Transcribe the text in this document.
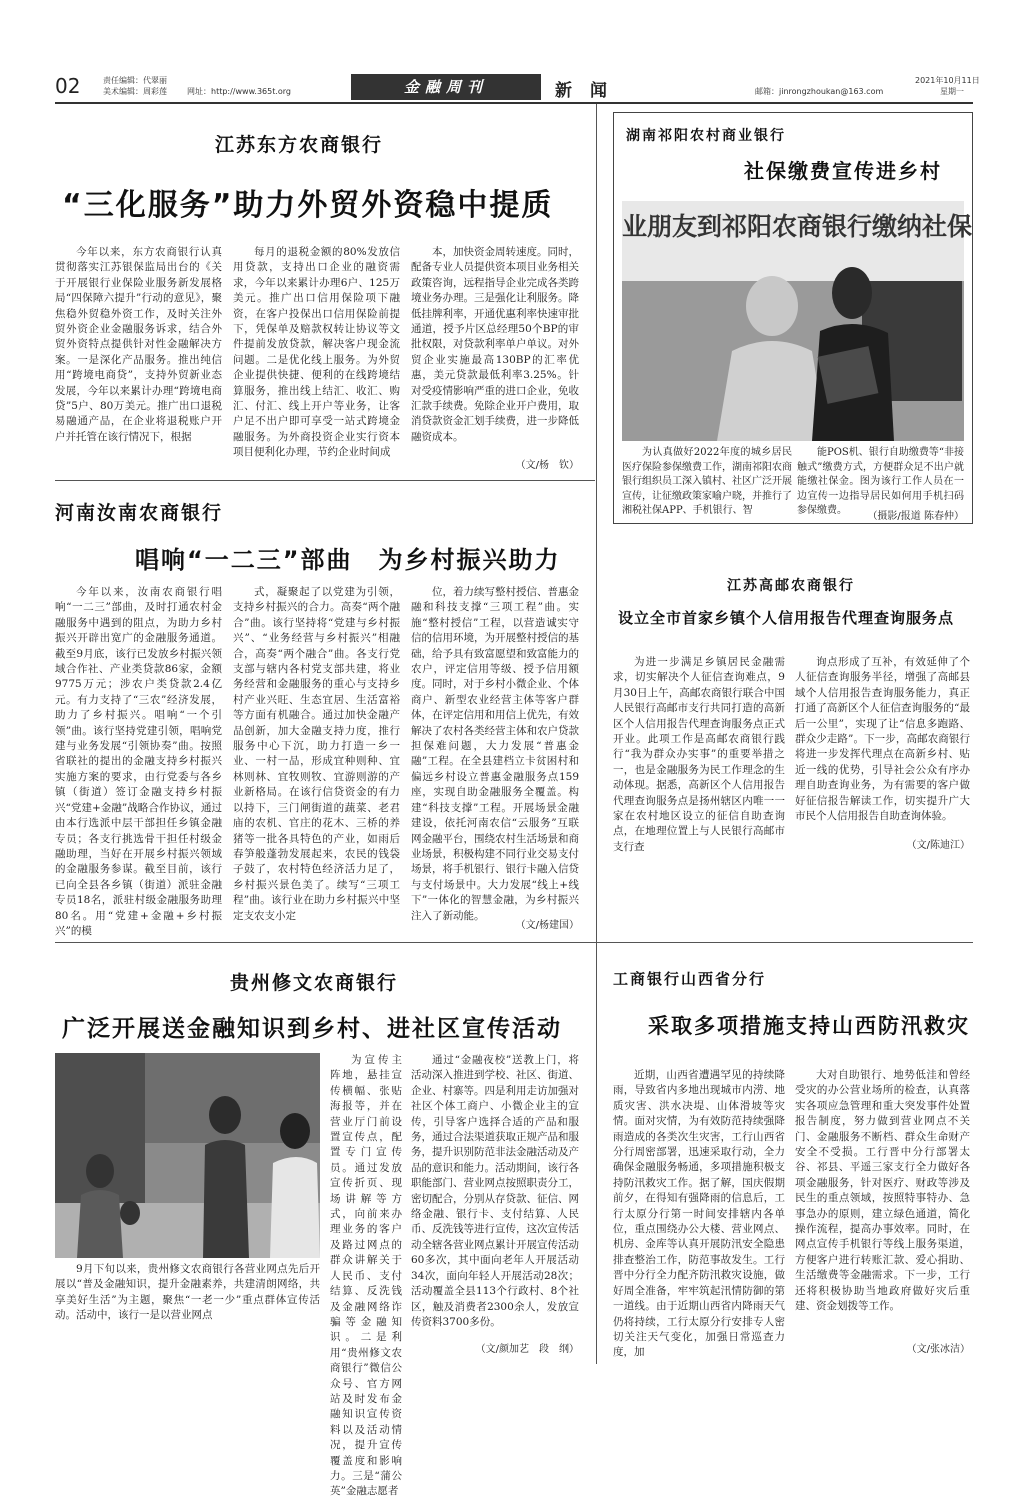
02	责任编辑：代翠丽
美术编辑：周彩莲	网址：http://www.365t.org	金融周刊	新闻	邮箱：jinrongzhoukan@163.com
2021年10月11日
星期一
江苏东方农商银行
“三化服务”助力外贸外资稳中提质

今年以来，东方农商银行认真贯彻落实江苏银保监局出台的《关于开展银行业保险业服务新发展格局“四保障六提升”行动的意见》，聚焦稳外贸稳外资工作，及时关注外贸外资企业金融服务诉求，结合外贸外资特点提供针对性金融解决方案。一是深化产品服务。推出纯信用“跨境电商贷”，支持外贸新业态发展，今年以来累计办理“跨境电商贷”5户、80万美元。推广出口退税易融通产品，在企业将退税账户开户并托管在该行情况下，根据

每月的退税金额的80%发放信用贷款，支持出口企业的融资需求，今年以来累计办理6户、125万美元。推广出口信用保险项下融资，在客户投保出口信用保险前提下，凭保单及赔款权转让协议等文件提前发放贷款，解决客户现金流问题。二是优化线上服务。为外贸企业提供快捷、便利的在线跨境结算服务，推出线上结汇、收汇、购汇、付汇、线上开户等业务，让客户足不出户即可享受一站式跨境金融服务。为外商投资企业实行资本项目便利化办理，节约企业时间成

本，加快资金周转速度。同时，配备专业人员提供资本项目业务相关政策咨询，远程指导企业完成各类跨境业务办理。三是强化让利服务。降低挂牌利率，开通优惠利率快速审批通道，授予片区总经理50个BP的审批权限，对贷款利率单户单议。对外贸企业实施最高130BP的汇率优惠，美元贷款最低利率3.25%。针对受疫情影响严重的进口企业，免收汇款手续费。免除企业开户费用，取消贷款资金汇划手续费，进一步降低融资成本。

（文/杨　钦）
湖南祁阳农村商业银行
社保缴费宣传进乡村
业朋友到祁阳农商银行缴纳社保

为认真做好2022年度的城乡居民医疗保险参保缴费工作，湖南祁阳农商银行组织员工深入镇村、社区广泛开展宣传，让征缴政策家喻户晓，并推行了湘税社保APP、手机银行、智

能POS机、银行自助缴费等“非接触式”缴费方式，方便群众足不出户就能缴社保金。图为该行工作人员在一边宣传一边指导居民如何用手机扫码参保缴费。

（摄影/报道 陈春仲）
河南汝南农商银行
唱响“一二三”部曲　为乡村振兴助力

今年以来，汝南农商银行唱响“一二三”部曲，及时打通农村金融服务中遇到的阻点，为助力乡村振兴开辟出宽广的金融服务通道。截至9月底，该行已发放乡村振兴领域合作社、产业类贷款86家，金额9775万元；涉农户类贷款2.4亿元。有力支持了“三农”经济发展，助力了乡村振兴。唱响“一个引领”曲。该行坚持党建引领，唱响党建与业务发展“引领协奏”曲。按照省联社的提出的金融支持乡村振兴实施方案的要求，由行党委与各乡镇（街道）签订金融支持乡村振兴“党建+金融”战略合作协议，通过由本行选派中层干部担任乡镇金融专员；各支行挑选骨干担任村级金融助理，当好在开展乡村振兴领域的金融服务参谋。截至目前，该行已向全县各乡镇（街道）派驻金融专员18名，派驻村级金融服务助理80名。用“党建+金融+乡村振兴”的模

式，凝聚起了以党建为引领，支持乡村振兴的合力。高奏“两个融合”曲。该行坚持将“党建与乡村振兴”、“业务经营与乡村振兴”相融合，高奏“两个融合”曲。各支行党支部与辖内各村党支部共建，将业务经营和金融服务的重心与支持乡村产业兴旺、生态宜居、生活富裕等方面有机融合。通过加快金融产品创新，加大金融支持力度，推行服务中心下沉，助力打造一乡一业、一村一品，形成宜种则种、宜林则林、宜牧则牧、宜游则游的产业新格局。在该行信贷资金的有力以持下，三门闸街道的蔬菜、老君庙的农机、官庄的花木、三桥的养猪等一批各具特色的产业，如雨后春笋般蓬勃发展起来，农民的钱袋子鼓了，农村特色经济活力足了，乡村振兴景色美了。续写“三项工程”曲。该行业在助力乡村振兴中坚定支农支小定

位，着力续写整村授信、普惠金融和科技支撑“三项工程”曲。实施“整村授信”工程，以营造诚实守信的信用环境，为开展整村授信的基础，给予具有致富愿望和致富能力的农户，评定信用等级、授予信用额度。同时，对于乡村小微企业、个体商户、新型农业经营主体等客户群体，在评定信用和用信上优先，有效解决了农村各类经营主体和农户贷款担保难问题，大力发展“普惠金融”工程。在全县建档立卡贫困村和偏远乡村设立普惠金融服务点159座，实现自助金融服务全覆盖。构建“科技支撑”工程。开展场景金融建设，依托河南农信“云服务”互联网金融平台，围绕农村生活场景和商业场景，积极构建不同行业交易支付场景，将手机银行、银行卡融入信贷与支付场景中。大力发展“线上+线下”一体化的智慧金融，为乡村振兴注入了新动能。

（文/杨建国）
江苏高邮农商银行
设立全市首家乡镇个人信用报告代理查询服务点

为进一步满足乡镇居民金融需求，切实解决个人征信查询难点，9月30日上午，高邮农商银行联合中国人民银行高邮市支行共同打造的高新区个人信用报告代理查询服务点正式开业。此项工作是高邮农商银行践行“我为群众办实事”的重要举措之一，也是金融服务为民工作理念的生动体现。据悉，高新区个人信用报告代理查询服务点是扬州辖区内唯一一家在农村地区设立的征信自助查询点，在地理位置上与人民银行高邮市支行查

询点形成了互补，有效延伸了个人征信查询服务半径，增强了高邮县域个人信用报告查询服务能力，真正打通了高新区个人征信查询服务的“最后一公里”，实现了让“信息多跑路、群众少走路”。下一步，高邮农商银行将进一步发挥代理点在高新乡村、贴近一线的优势，引导社会公众有序办理自助查询业务，为有需要的客户做好征信报告解读工作，切实提升广大市民个人信用报告自助查询体验。

（文/陈迪江）
贵州修文农商银行
广泛开展送金融知识到乡村、进社区宣传活动

9月下旬以来，贵州修文农商银行各营业网点先后开展以“普及金融知识，提升金融素养，共建清朗网络，共享美好生活”为主题，聚焦“一老一少”重点群体宣传活动。活动中，该行一是以营业网点

为宣传主阵地，悬挂宣传横幅、张贴海报等，并在营业厅门前设置宣传点，配置专门宣传员。通过发放宣传折页、现场讲解等方式，向前来办理业务的客户及路过网点的群众讲解关于人民币、支付结算、反洗钱及金融网络诈骗等金融知识。二是利用“贵州修文农商银行”微信公众号、官方网站及时发布金融知识宣传资料以及活动情况，提升宣传覆盖度和影响力。三是“蒲公英”金融志愿者

通过“金融夜校”送教上门，将活动深入推进到学校、社区、街道、企业、村寨等。四是利用走访加强对社区个体工商户、小微企业主的宣传，引导客户选择合适的产品和服务，通过合法渠道获取正规产品和服务，提升识别防范非法金融活动及产品的意识和能力。活动期间，该行各职能部门、营业网点按照职责分工，密切配合，分别从存贷款、征信、网络金融、银行卡、支付结算、人民币、反洗钱等进行宣传，这次宣传活动全辖各营业网点累计开展宣传活动60多次，其中面向老年人开展活动34次，面向年轻人开展活动28次；活动覆盖全县113个行政村、8个社区，触及消费者2300余人，发放宣传资料3700多份。

（文/颜加艺　段　纲）
工商银行山西省分行
采取多项措施支持山西防汛救灾

近期，山西省遭遇罕见的持续降雨，导致省内多地出现城市内涝、地质灾害、洪水决堤、山体滑坡等灾情。面对灾情，为有效防范持续强降雨造成的各类次生灾害，工行山西省分行周密部署，迅速采取行动，全力确保金融服务畅通，多项措施积极支持防汛救灾工作。据了解，国庆假期前夕，在得知有强降雨的信息后，工行太原分行第一时间安排辖内各单位，重点围绕办公大楼、营业网点、机房、金库等认真开展防汛安全隐患排查整治工作，防范事故发生。工行晋中分行全力配齐防汛救灾设施，做好周全准备，牢牢筑起汛情防御的第一道线。由于近期山西省内降雨天气仍将持续，工行太原分行安排专人密切关注天气变化，加强日常巡查力度，加

大对自助银行、地势低洼和曾经受灾的办公营业场所的检查，认真落实各项应急管理和重大突发事件处置报告制度，努力做到营业网点不关门、金融服务不断档、群众生命财产安全不受损。工行晋中分行部署太谷、祁县、平遥三家支行全力做好各项金融服务，针对医疗、财政等涉及民生的重点领域，按照特事特办、急事急办的原则，建立绿色通道，简化操作流程，提高办事效率。同时，在网点宣传手机银行等线上服务渠道，方便客户进行转账汇款、爱心捐助、生活缴费等金融需求。下一步，工行还将积极协助当地政府做好灾后重建、资金划拨等工作。

（文/张冰洁）
